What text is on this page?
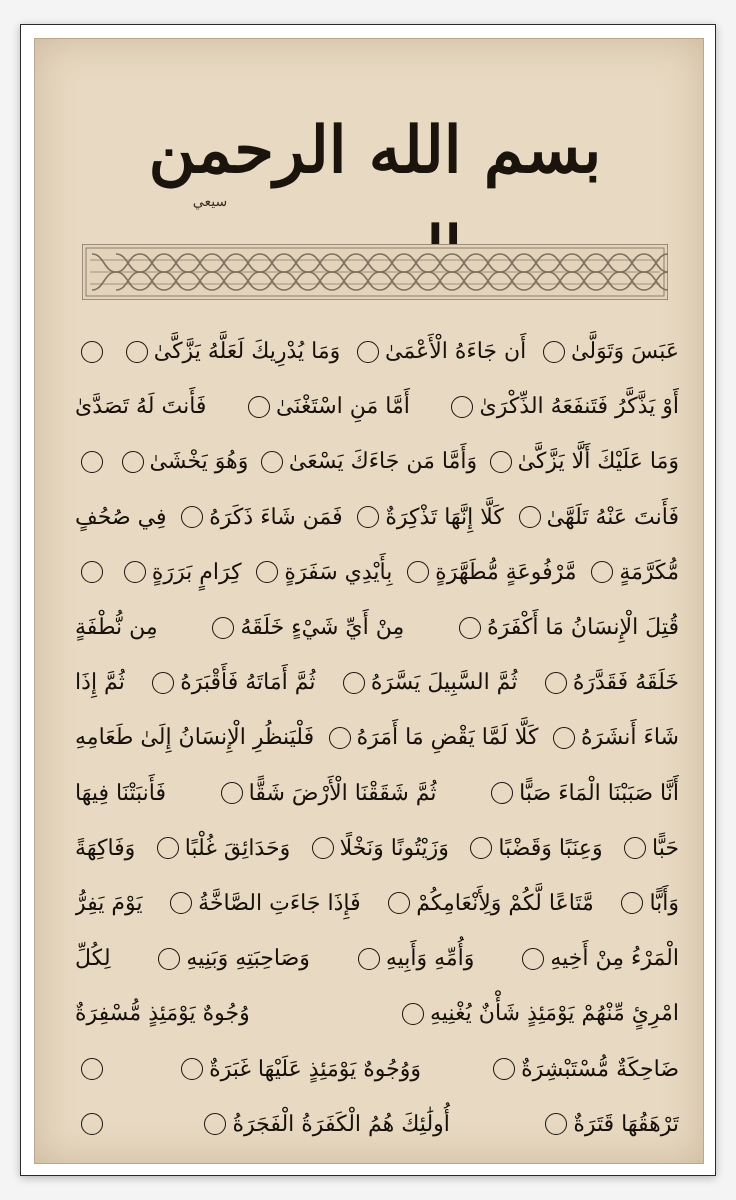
بسم الله الرحمن
سيعي
عَبَسَ وَتَوَلَّىٰ
أَن جَاءَهُ الْأَعْمَىٰ
وَمَا يُدْرِيكَ لَعَلَّهُ يَزَّكَّىٰ
أَوْ يَذَّكَّرُ فَتَنفَعَهُ الذِّكْرَىٰ
أَمَّا مَنِ اسْتَغْنَىٰ
فَأَنتَ لَهُ تَصَدَّىٰ
وَمَا عَلَيْكَ أَلَّا يَزَّكَّىٰ
وَأَمَّا مَن جَاءَكَ يَسْعَىٰ
وَهُوَ يَخْشَىٰ
فَأَنتَ عَنْهُ تَلَهَّىٰ
كَلَّا إِنَّهَا تَذْكِرَةٌ
فَمَن شَاءَ ذَكَرَهُ
فِي صُحُفٍ
مُّكَرَّمَةٍ
مَّرْفُوعَةٍ مُّطَهَّرَةٍ
بِأَيْدِي سَفَرَةٍ
كِرَامٍ بَرَرَةٍ
قُتِلَ الْإِنسَانُ مَا أَكْفَرَهُ
مِنْ أَيِّ شَيْءٍ خَلَقَهُ
مِن نُّطْفَةٍ
خَلَقَهُ فَقَدَّرَهُ
ثُمَّ السَّبِيلَ يَسَّرَهُ
ثُمَّ أَمَاتَهُ فَأَقْبَرَهُ
ثُمَّ إِذَا
شَاءَ أَنشَرَهُ
كَلَّا لَمَّا يَقْضِ مَا أَمَرَهُ
فَلْيَنظُرِ الْإِنسَانُ إِلَىٰ طَعَامِهِ
أَنَّا صَبَبْنَا الْمَاءَ صَبًّا
ثُمَّ شَقَقْنَا الْأَرْضَ شَقًّا
فَأَنبَتْنَا فِيهَا
حَبًّا
وَعِنَبًا وَقَضْبًا
وَزَيْتُونًا وَنَخْلًا
وَحَدَائِقَ غُلْبًا
وَفَاكِهَةً
وَأَبًّا
مَّتَاعًا لَّكُمْ وَلِأَنْعَامِكُمْ
فَإِذَا جَاءَتِ الصَّاخَّةُ
يَوْمَ يَفِرُّ
الْمَرْءُ مِنْ أَخِيهِ
وَأُمِّهِ وَأَبِيهِ
وَصَاحِبَتِهِ وَبَنِيهِ
لِكُلِّ
امْرِئٍ مِّنْهُمْ يَوْمَئِذٍ شَأْنٌ يُغْنِيهِ
وُجُوهٌ يَوْمَئِذٍ مُّسْفِرَةٌ
ضَاحِكَةٌ مُّسْتَبْشِرَةٌ
وَوُجُوهٌ يَوْمَئِذٍ عَلَيْهَا غَبَرَةٌ
تَرْهَقُهَا قَتَرَةٌ
أُولَٰئِكَ هُمُ الْكَفَرَةُ الْفَجَرَةُ
